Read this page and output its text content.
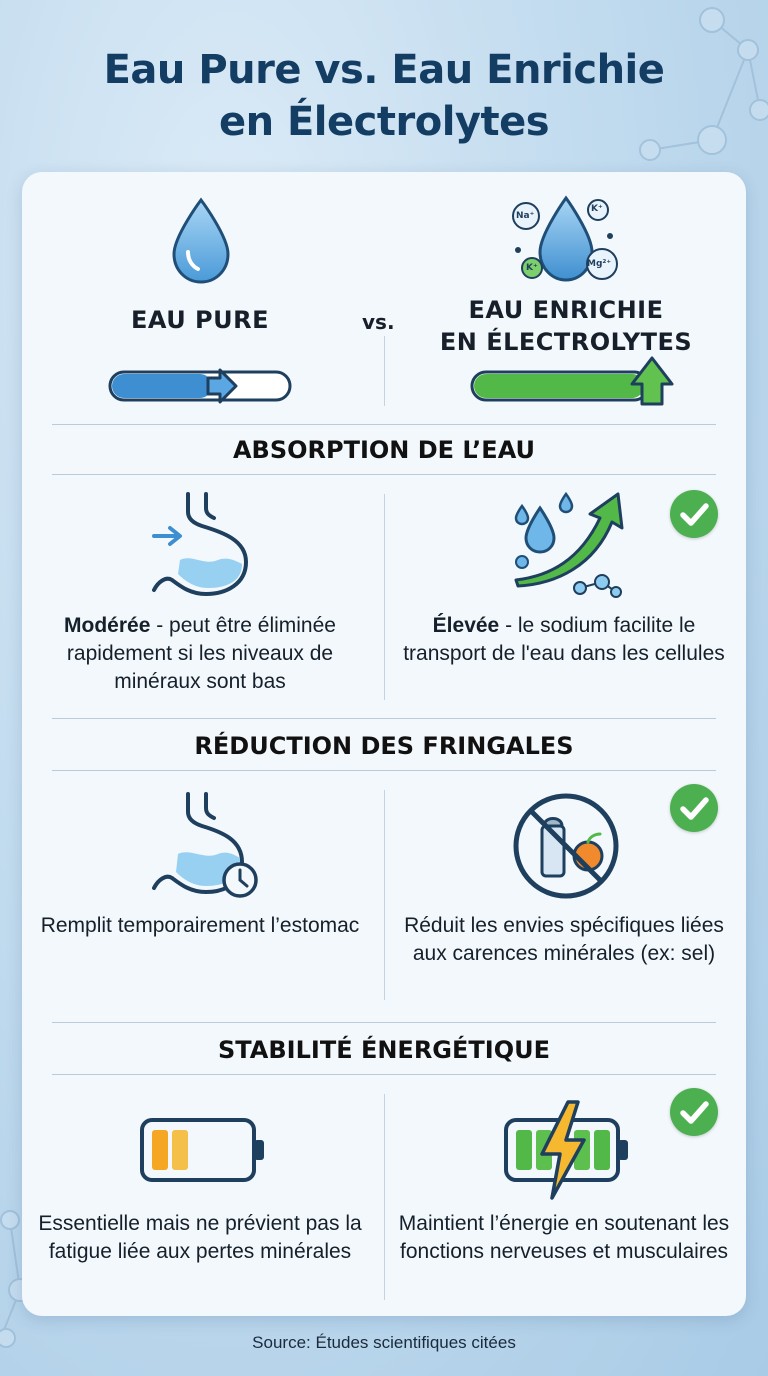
Eau Pure vs. Eau Enrichie
en Électrolytes
EAU PURE	vs.
Na⁺
K⁺
K⁺	Mg²⁺
EAU ENRICHIE
EN ÉLECTROLYTES
ABSORPTION DE L’EAU
Modérée - peut être éliminée rapidement si les niveaux de minéraux sont bas
Élevée - le sodium facilite le transport de l'eau dans les cellules
RÉDUCTION DES FRINGALES
Remplit temporairement l’estomac	Réduit les envies spécifiques liées aux carences minérales (ex: sel)
STABILITÉ ÉNERGÉTIQUE
Essentielle mais ne prévient pas la fatigue liée aux pertes minérales
Maintient l’énergie en soutenant les fonctions nerveuses et musculaires
Source: Études scientifiques citées
